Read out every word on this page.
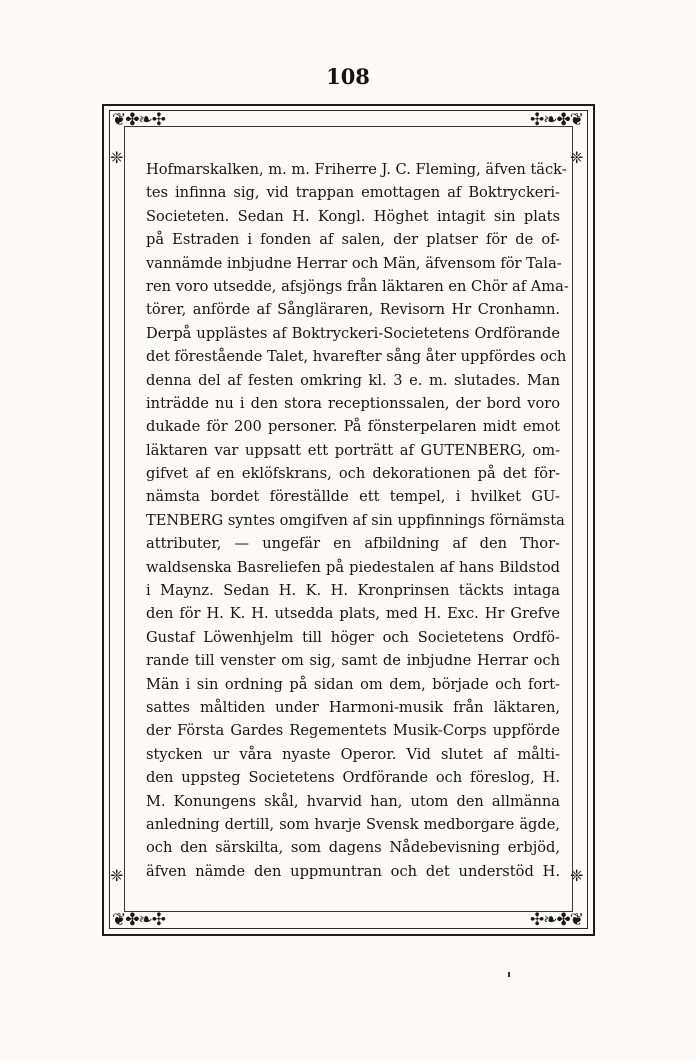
108
❦✤❧✣	✣❧✤❦
❦✤❧✣	✣❧✤❦
❈	❈
❈	❈
Hofmarskalken, m. m. Friherre J. C. Fleming, äfven täck-
tes infinna sig, vid trappan emottagen af Boktryckeri-
Societeten. Sedan H. Kongl. Höghet intagit sin plats
på Estraden i fonden af salen, der platser för de of-
vannämde inbjudne Herrar och Män, äfvensom för Tala-
ren voro utsedde, afsjöngs från läktaren en Chör af Ama-
törer, anförde af Sångläraren, Revisorn Hr Cronhamn.
Derpå upplästes af Boktryckeri-Societetens Ordförande
det förestående Talet, hvarefter sång åter uppfördes och
denna del af festen omkring kl. 3 e. m. slutades. Man
inträdde nu i den stora receptionssalen, der bord voro
dukade för 200 personer. På fönsterpelaren midt emot
läktaren var uppsatt ett porträtt af GUTENBERG, om-
gifvet af en eklöfskrans, och dekorationen på det för-
nämsta bordet föreställde ett tempel, i hvilket GU-
TENBERG syntes omgifven af sin uppfinnings förnämsta
attributer, — ungefär en afbildning af den Thor-
waldsenska Basreliefen på piedestalen af hans Bildstod
i Maynz. Sedan H. K. H. Kronprinsen täckts intaga
den för H. K. H. utsedda plats, med H. Exc. Hr Grefve
Gustaf Löwenhjelm till höger och Societetens Ordfö-
rande till venster om sig, samt de inbjudne Herrar och
Män i sin ordning på sidan om dem, började och fort-
sattes måltiden under Harmoni-musik från läktaren,
der Första Gardes Regementets Musik-Corps uppförde
stycken ur våra nyaste Operor. Vid slutet af målti-
den uppsteg Societetens Ordförande och föreslog, H.
M. Konungens skål, hvarvid han, utom den allmänna
anledning dertill, som hvarje Svensk medborgare ägde,
och den särskilta, som dagens Nådebevisning erbjöd,
äfven nämde den uppmuntran och det understöd H.
